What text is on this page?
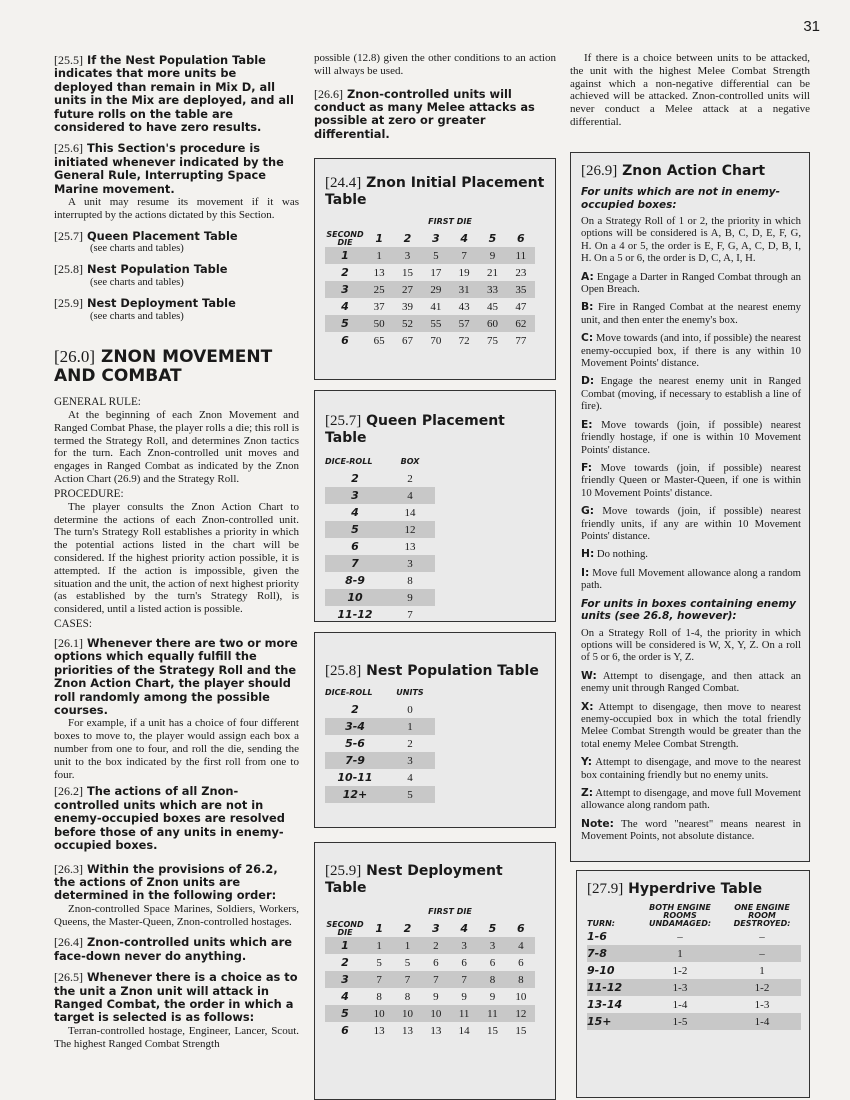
31
[25.5] If the Nest Population Table indicates that more units be deployed than remain in Mix D, all units in the Mix are deployed, and all future rolls on the table are considered to have zero results.
[25.6] This Section's procedure is initiated whenever indicated by the General Rule, Interrupting Space Marine movement.

A unit may resume its movement if it was interrupted by the actions dictated by this Section.

[25.7] Queen Placement Table

(see charts and tables)

[25.8] Nest Population Table

(see charts and tables)

[25.9] Nest Deployment Table

(see charts and tables)

[26.0] ZNON MOVEMENT AND COMBAT
GENERAL RULE:

At the beginning of each Znon Movement and Ranged Combat Phase, the player rolls a die; this roll is termed the Strategy Roll, and determines Znon tactics for the turn. Each Znon-controlled unit moves and engages in Ranged Combat as indicated by the Znon Action Chart (26.9) and the Strategy Roll.

PROCEDURE:

The player consults the Znon Action Chart to determine the actions of each Znon-controlled unit. The turn's Strategy Roll establishes a priority in which the potential actions listed in the chart will be considered. If the highest priority action possible, it is attempted. If the action is impossible, given the situation and the unit, the action of next highest priority (as established by the turn's Strategy Roll), is considered, until a listed action is possible.

CASES:
[26.1] Whenever there are two or more options which equally fulfill the priorities of the Strategy Roll and the Znon Action Chart, the player should roll randomly among the possible courses.

For example, if a unit has a choice of four different boxes to move to, the player would assign each box a number from one to four, and roll the die, sending the unit to the box indicated by the first roll from one to four.

[26.2] The actions of all Znon-controlled units which are not in enemy-occupied boxes are resolved before those of any units in enemy-occupied boxes.
[26.3] Within the provisions of 26.2, the actions of Znon units are determined in the following order:

Znon-controlled Space Marines, Soldiers, Workers, Queens, the Master-Queen, Znon-controlled hostages.

[26.4] Znon-controlled units which are face-down never do anything.
[26.5] Whenever there is a choice as to the unit a Znon unit will attack in Ranged Combat, the order in which a target is selected is as follows:

Terran-controlled hostage, Engineer, Lancer, Scout. The highest Ranged Combat Strength

possible (12.8) given the other conditions to an action will always be used.

[26.6] Znon-controlled units will conduct as many Melee attacks as possible at zero or greater differential.
[24.4] Znon Initial Placement Table
	FIRST DIE					
SECOND DIE	1	2	3	4	5	6
1	1	3	5	7	9	11
2	13	15	17	19	21	23
3	25	27	29	31	33	35
4	37	39	41	43	45	47
5	50	52	55	57	60	62
6	65	67	70	72	75	77
[25.7] Queen Placement Table
DICE-ROLL	BOX
2	2
3	4
4	14
5	12
6	13
7	3
8-9	8
10	9
11-12	7
[25.8] Nest Population Table
DICE-ROLL	UNITS
2	0
3-4	1
5-6	2
7-9	3
10-11	4
12+	5
[25.9] Nest Deployment Table
	FIRST DIE					
SECOND DIE	1	2	3	4	5	6
1	1	1	2	3	3	4
2	5	5	6	6	6	6
3	7	7	7	7	8	8
4	8	8	9	9	9	10
5	10	10	10	11	11	12
6	13	13	13	14	15	15

If there is a choice between units to be attacked, the unit with the highest Melee Combat Strength against which a non-negative differential can be achieved will be attacked. Znon-controlled units will never conduct a Melee attack at a negative differential.

[26.9] Znon Action Chart
For units which are not in enemy-occupied boxes:

On a Strategy Roll of 1 or 2, the priority in which options will be considered is A, B, C, D, E, F, G, H. On a 4 or 5, the order is E, F, G, A, C, D, B, I, H. On a 5 or 6, the order is D, C, A, I, H.

A: Engage a Darter in Ranged Combat through an Open Breach.

B: Fire in Ranged Combat at the nearest enemy unit, and then enter the enemy's box.

C: Move towards (and into, if possible) the nearest enemy-occupied box, if there is any within 10 Movement Points' distance.

D: Engage the nearest enemy unit in Ranged Combat (moving, if necessary to establish a line of fire).

E: Move towards (join, if possible) nearest friendly hostage, if one is within 10 Movement Points' distance.

F: Move towards (join, if possible) nearest friendly Queen or Master-Queen, if one is within 10 Movement Points' distance.

G: Move towards (join, if possible) nearest friendly units, if any are within 10 Movement Points' distance.

H: Do nothing.

I: Move full Movement allowance along a random path.

For units in boxes containing enemy units (see 26.8, however):

On a Strategy Roll of 1-4, the priority in which options will be considered is W, X, Y, Z. On a roll of 5 or 6, the order is Y, Z.

W: Attempt to disengage, and then attack an enemy unit through Ranged Combat.

X: Attempt to disengage, then move to nearest enemy-occupied box in which the total friendly Melee Combat Strength would be greater than the total enemy Melee Combat Strength.

Y: Attempt to disengage, and move to the nearest box containing friendly but no enemy units.

Z: Attempt to disengage, and move full Movement allowance along random path.

Note: The word "nearest" means nearest in Movement Points, not absolute distance.

[27.9] Hyperdrive Table
TURN:	BOTH ENGINE ROOMS UNDAMAGED:	ONE ENGINE ROOM DESTROYED:
1-6	–	–
7-8	1	–
9-10	1-2	1
11-12	1-3	1-2
13-14	1-4	1-3
15+	1-5	1-4
